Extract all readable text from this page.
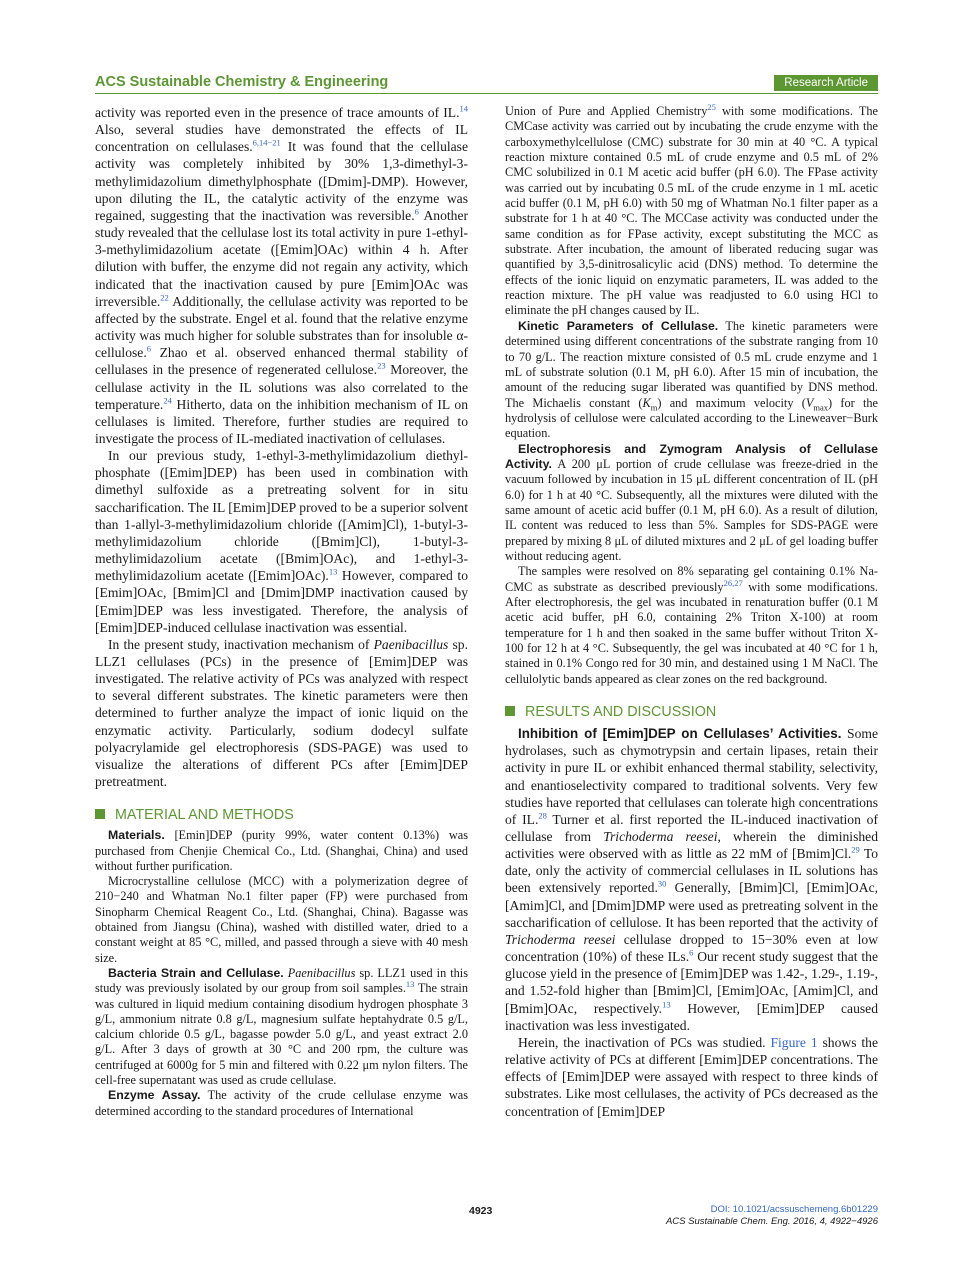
ACS Sustainable Chemistry & Engineering	Research Article

activity was reported even in the presence of trace amounts of IL.$^{14}$ Also, several studies have demonstrated the effects of IL concentration on cellulases.$^{6,14-21}$ It was found that the cellulase activity was completely inhibited by 30% 1,3-dimethyl-3-methylimidazolium dimethylphosphate ([Dmim]-DMP). However, upon diluting the IL, the catalytic activity of the enzyme was regained, suggesting that the inactivation was reversible.$^6$ Another study revealed that the cellulase lost its total activity in pure 1-ethyl-3-methylimidazolium acetate ([Emim]OAc) within 4 h. After dilution with buffer, the enzyme did not regain any activity, which indicated that the inactivation caused by pure [Emim]OAc was irreversible.$^{22}$ Additionally, the cellulase activity was reported to be affected by the substrate. Engel et al. found that the relative enzyme activity was much higher for soluble substrates than for insoluble α-cellulose.$^6$ Zhao et al. observed enhanced thermal stability of cellulases in the presence of regenerated cellulose.$^{23}$ Moreover, the cellulase activity in the IL solutions was also correlated to the temperature.$^{24}$ Hitherto, data on the inhibition mechanism of IL on cellulases is limited. Therefore, further studies are required to investigate the process of IL-mediated inactivation of cellulases.

In our previous study, 1-ethyl-3-methylimidazolium diethyl-phosphate ([Emim]DEP) has been used in combination with dimethyl sulfoxide as a pretreating solvent for in situ saccharification. The IL [Emim]DEP proved to be a superior solvent than 1-allyl-3-methylimidazolium chloride ([Amim]Cl), 1-butyl-3-methylimidazolium chloride ([Bmim]Cl), 1-butyl-3-methylimidazolium acetate ([Bmim]OAc), and 1-ethyl-3-methylimidazolium acetate ([Emim]OAc).$^{13}$ However, compared to [Emim]OAc, [Bmim]Cl and [Dmim]DMP inactivation caused by [Emim]DEP was less investigated. Therefore, the analysis of [Emim]DEP-induced cellulase inactivation was essential.

In the present study, inactivation mechanism of Paenibacillus sp. LLZ1 cellulases (PCs) in the presence of [Emim]DEP was investigated. The relative activity of PCs was analyzed with respect to several different substrates. The kinetic parameters were then determined to further analyze the impact of ionic liquid on the enzymatic activity. Particularly, sodium dodecyl sulfate polyacrylamide gel electrophoresis (SDS-PAGE) was used to visualize the alterations of different PCs after [Emim]DEP pretreatment.

MATERIAL AND METHODS

Materials. [Emin]DEP (purity 99%, water content 0.13%) was purchased from Chenjie Chemical Co., Ltd. (Shanghai, China) and used without further purification.

Microcrystalline cellulose (MCC) with a polymerization degree of 210−240 and Whatman No.1 filter paper (FP) were purchased from Sinopharm Chemical Reagent Co., Ltd. (Shanghai, China). Bagasse was obtained from Jiangsu (China), washed with distilled water, dried to a constant weight at 85 °C, milled, and passed through a sieve with 40 mesh size.

Bacteria Strain and Cellulase. Paenibacillus sp. LLZ1 used in this study was previously isolated by our group from soil samples.$^{13}$ The strain was cultured in liquid medium containing disodium hydrogen phosphate 3 g/L, ammonium nitrate 0.8 g/L, magnesium sulfate heptahydrate 0.5 g/L, calcium chloride 0.5 g/L, bagasse powder 5.0 g/L, and yeast extract 2.0 g/L. After 3 days of growth at 30 °C and 200 rpm, the culture was centrifuged at 6000g for 5 min and filtered with 0.22 μm nylon filters. The cell-free supernatant was used as crude cellulase.

Enzyme Assay. The activity of the crude cellulase enzyme was determined according to the standard procedures of International

Union of Pure and Applied Chemistry$^{25}$ with some modifications. The CMCase activity was carried out by incubating the crude enzyme with the carboxymethylcellulose (CMC) substrate for 30 min at 40 °C. A typical reaction mixture contained 0.5 mL of crude enzyme and 0.5 mL of 2% CMC solubilized in 0.1 M acetic acid buffer (pH 6.0). The FPase activity was carried out by incubating 0.5 mL of the crude enzyme in 1 mL acetic acid buffer (0.1 M, pH 6.0) with 50 mg of Whatman No.1 filter paper as a substrate for 1 h at 40 °C. The MCCase activity was conducted under the same condition as for FPase activity, except substituting the MCC as substrate. After incubation, the amount of liberated reducing sugar was quantified by 3,5-dinitrosalicylic acid (DNS) method. To determine the effects of the ionic liquid on enzymatic parameters, IL was added to the reaction mixture. The pH value was readjusted to 6.0 using HCl to eliminate the pH changes caused by IL.

Kinetic Parameters of Cellulase. The kinetic parameters were determined using different concentrations of the substrate ranging from 10 to 70 g/L. The reaction mixture consisted of 0.5 mL crude enzyme and 1 mL of substrate solution (0.1 M, pH 6.0). After 15 min of incubation, the amount of the reducing sugar liberated was quantified by DNS method. The Michaelis constant $(K_m)$ and maximum velocity $(V_{max})$ for the hydrolysis of cellulose were calculated according to the Lineweaver−Burk equation.

Electrophoresis and Zymogram Analysis of Cellulase Activity. A 200 μL portion of crude cellulase was freeze-dried in the vacuum followed by incubation in 15 μL different concentration of IL (pH 6.0) for 1 h at 40 °C. Subsequently, all the mixtures were diluted with the same amount of acetic acid buffer (0.1 M, pH 6.0). As a result of dilution, IL content was reduced to less than 5%. Samples for SDS-PAGE were prepared by mixing 8 μL of diluted mixtures and 2 μL of gel loading buffer without reducing agent.

The samples were resolved on 8% separating gel containing 0.1% Na-CMC as substrate as described previously$^{26,27}$ with some modifications. After electrophoresis, the gel was incubated in renaturation buffer (0.1 M acetic acid buffer, pH 6.0, containing 2% Triton X-100) at room temperature for 1 h and then soaked in the same buffer without Triton X-100 for 12 h at 4 °C. Subsequently, the gel was incubated at 40 °C for 1 h, stained in 0.1% Congo red for 30 min, and destained using 1 M NaCl. The cellulolytic bands appeared as clear zones on the red background.

RESULTS AND DISCUSSION

Inhibition of [Emim]DEP on Cellulases’ Activities. Some hydrolases, such as chymotrypsin and certain lipases, retain their activity in pure IL or exhibit enhanced thermal stability, selectivity, and enantioselectivity compared to traditional solvents. Very few studies have reported that cellulases can tolerate high concentrations of IL.$^{28}$ Turner et al. first reported the IL-induced inactivation of cellulase from Trichoderma reesei, wherein the diminished activities were observed with as little as 22 mM of [Bmim]Cl.$^{29}$ To date, only the activity of commercial cellulases in IL solutions has been extensively reported.$^{30}$ Generally, [Bmim]Cl, [Emim]OAc, [Amim]Cl, and [Dmim]DMP were used as pretreating solvent in the saccharification of cellulose. It has been reported that the activity of Trichoderma reesei cellulase dropped to 15−30% even at low concentration (10%) of these ILs.$^6$ Our recent study suggest that the glucose yield in the presence of [Emim]DEP was 1.42-, 1.29-, 1.19-, and 1.52-fold higher than [Bmim]Cl, [Emim]OAc, [Amim]Cl, and [Bmim]OAc, respectively.$^{13}$ However, [Emim]DEP caused inactivation was less investigated.

Herein, the inactivation of PCs was studied. Figure 1 shows the relative activity of PCs at different [Emim]DEP concentrations. The effects of [Emim]DEP were assayed with respect to three kinds of substrates. Like most cellulases, the activity of PCs decreased as the concentration of [Emim]DEP

4923	DOI: 10.1021/acssuschemeng.6b01229
ACS Sustainable Chem. Eng. 2016, 4, 4922−4926
